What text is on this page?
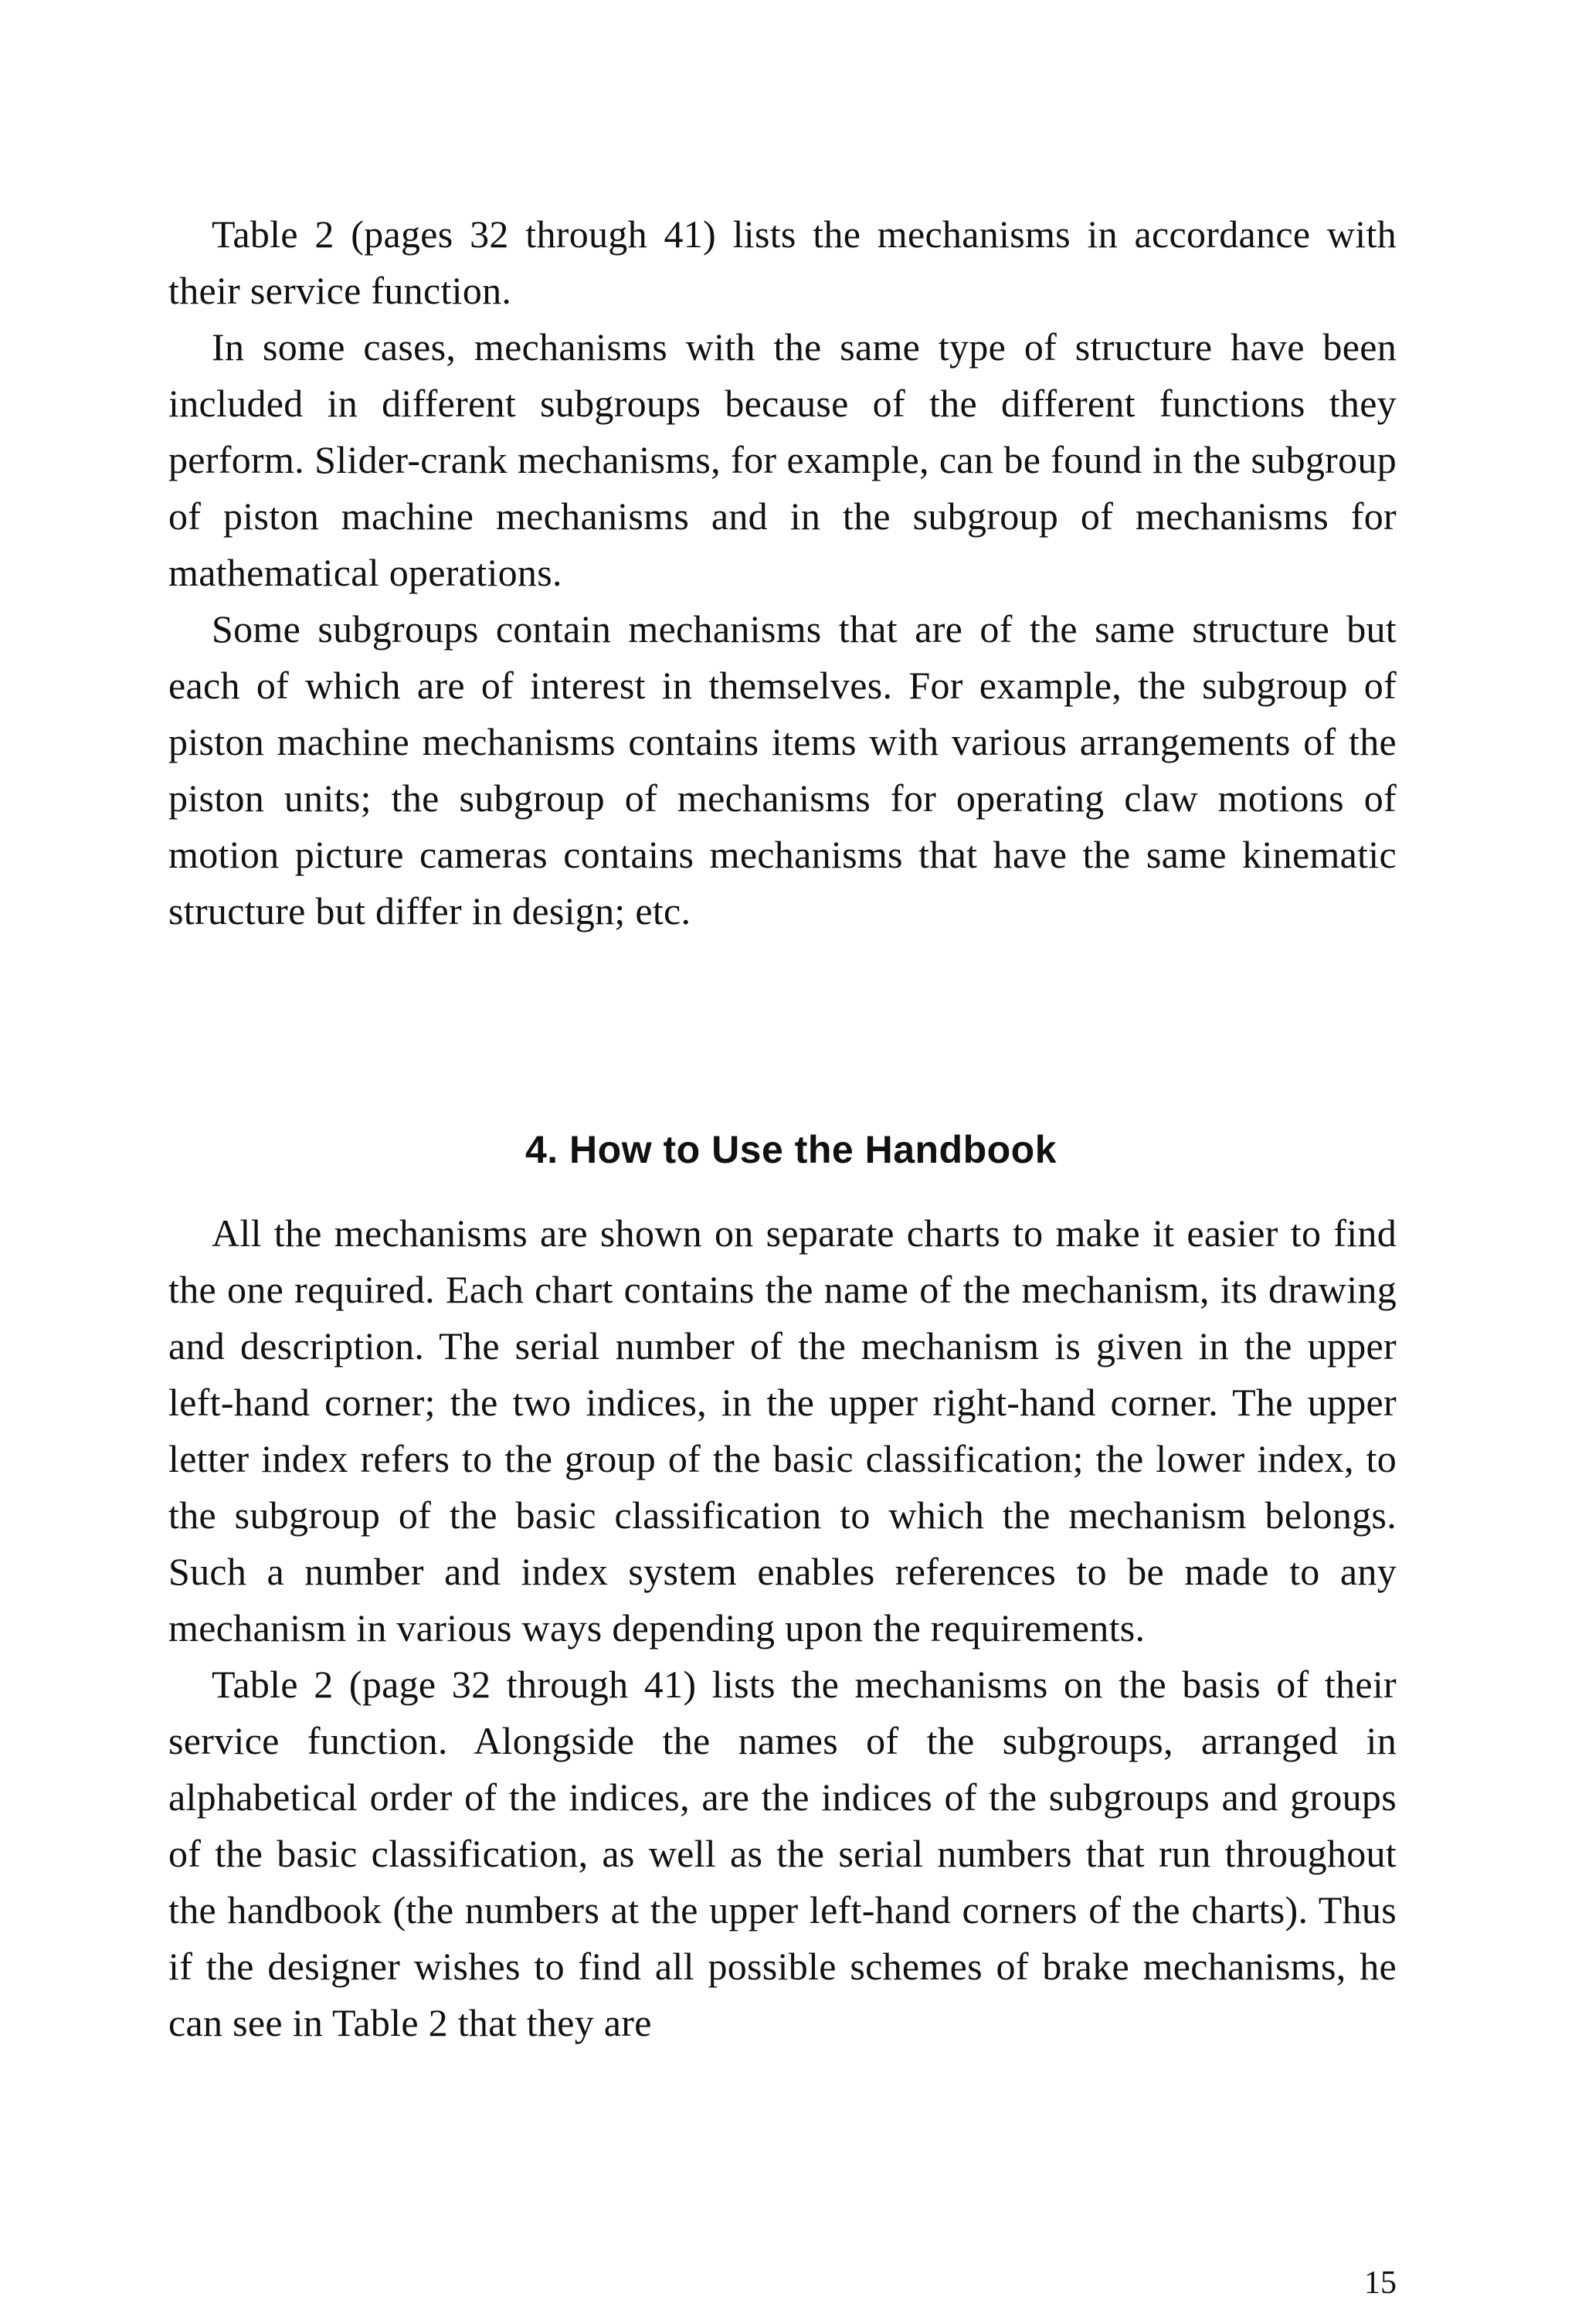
Table 2 (pages 32 through 41) lists the mechanisms in accordance with their service function.

In some cases, mechanisms with the same type of structure have been included in different subgroups because of the different functions they perform. Slider-crank mechanisms, for example, can be found in the subgroup of piston machine mechanisms and in the subgroup of mechanisms for mathematical operations.

Some subgroups contain mechanisms that are of the same structure but each of which are of interest in themselves. For example, the subgroup of piston machine mechanisms contains items with various arrangements of the piston units; the subgroup of mechanisms for operating claw motions of motion picture cameras contains mechanisms that have the same kinematic structure but differ in design; etc.

4. How to Use the Handbook

All the mechanisms are shown on separate charts to make it easier to find the one required. Each chart contains the name of the mechanism, its drawing and description. The serial number of the mechanism is given in the upper left-hand corner; the two indices, in the upper right-hand corner. The upper letter index refers to the group of the basic classification; the lower index, to the subgroup of the basic classification to which the mechanism belongs. Such a number and index system enables references to be made to any mechanism in various ways depending upon the requirements.

Table 2 (page 32 through 41) lists the mechanisms on the basis of their service function. Alongside the names of the subgroups, arranged in alphabetical order of the indices, are the indices of the subgroups and groups of the basic classification, as well as the serial numbers that run throughout the handbook (the numbers at the upper left-hand corners of the charts). Thus if the designer wishes to find all possible schemes of brake mechanisms, he can see in Table 2 that they are

15
